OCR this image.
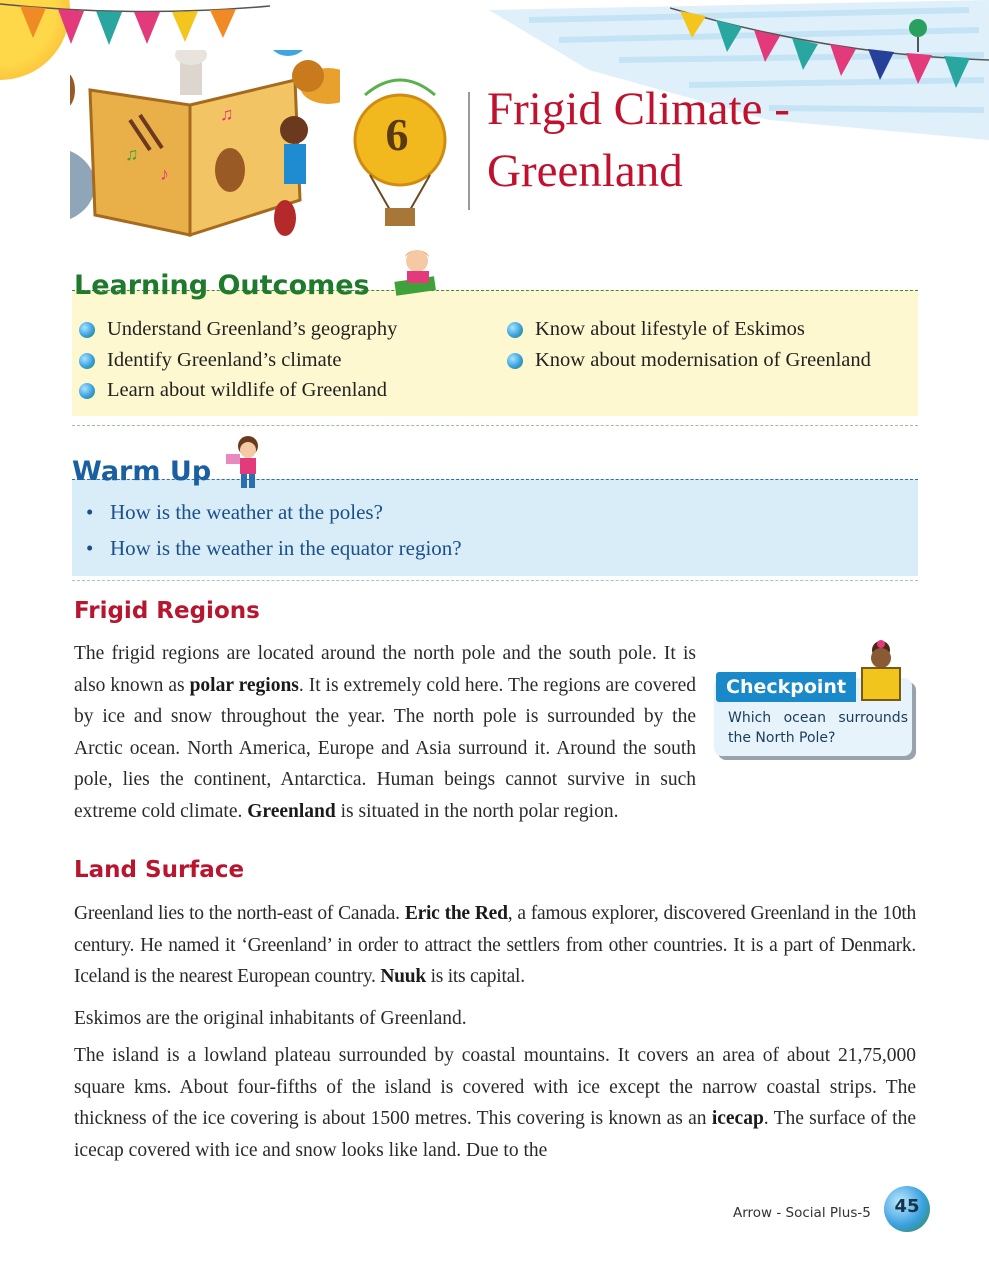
♫
♫
♪
6	Frigid Climate -
Greenland
Learning Outcomes
Understand Greenland’s geography
Identify Greenland’s climate
Learn about wildlife of Greenland
Know about lifestyle of Eskimos
Know about modernisation of Greenland
Warm Up
• How is the weather at the poles?
• How is the weather in the equator region?
Frigid Regions
Checkpoint
Which ocean surrounds the North Pole?
The frigid regions are located around the north pole and the south pole. It is also known as polar regions. It is extremely cold here. The regions are covered by ice and snow throughout the year. The north pole is surrounded by the Arctic ocean. North America, Europe and Asia surround it. Around the south pole, lies the continent, Antarctica. Human beings cannot survive in such extreme cold climate. Greenland is situated in the north polar region.
Land Surface

Greenland lies to the north-east of Canada. Eric the Red, a famous explorer, discovered Greenland in the 10th century. He named it ‘Greenland’ in order to attract the settlers from other countries. It is a part of Denmark. Iceland is the nearest European country. Nuuk is its capital.

Eskimos are the original inhabitants of Greenland.

The island is a lowland plateau surrounded by coastal mountains. It covers an area of about 21,75,000 square kms. About four-fifths of the island is covered with ice except the narrow coastal strips. The thickness of the ice covering is about 1500 metres. This covering is known as an icecap. The surface of the icecap covered with ice and snow looks like land. Due to the

Arrow - Social Plus-5	45
